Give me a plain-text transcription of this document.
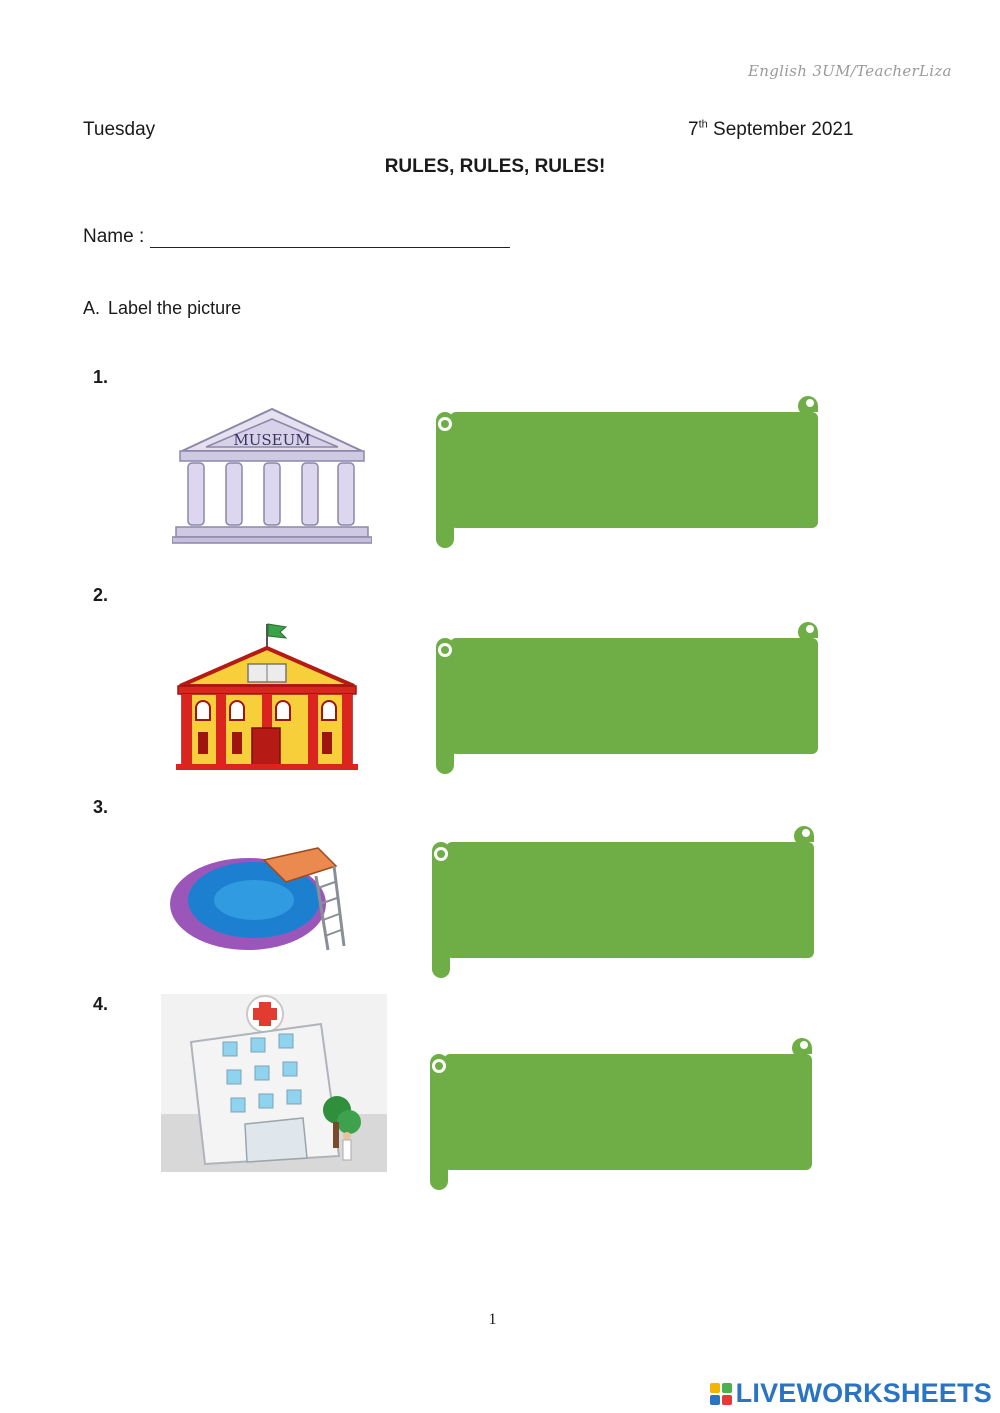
English 3UM/TeacherLiza
Tuesday	7th September 2021
RULES, RULES, RULES!
Name :
A. Label the picture
1.
2.
3.
4.
MUSEUM
1
LIVEWORKSHEETS
